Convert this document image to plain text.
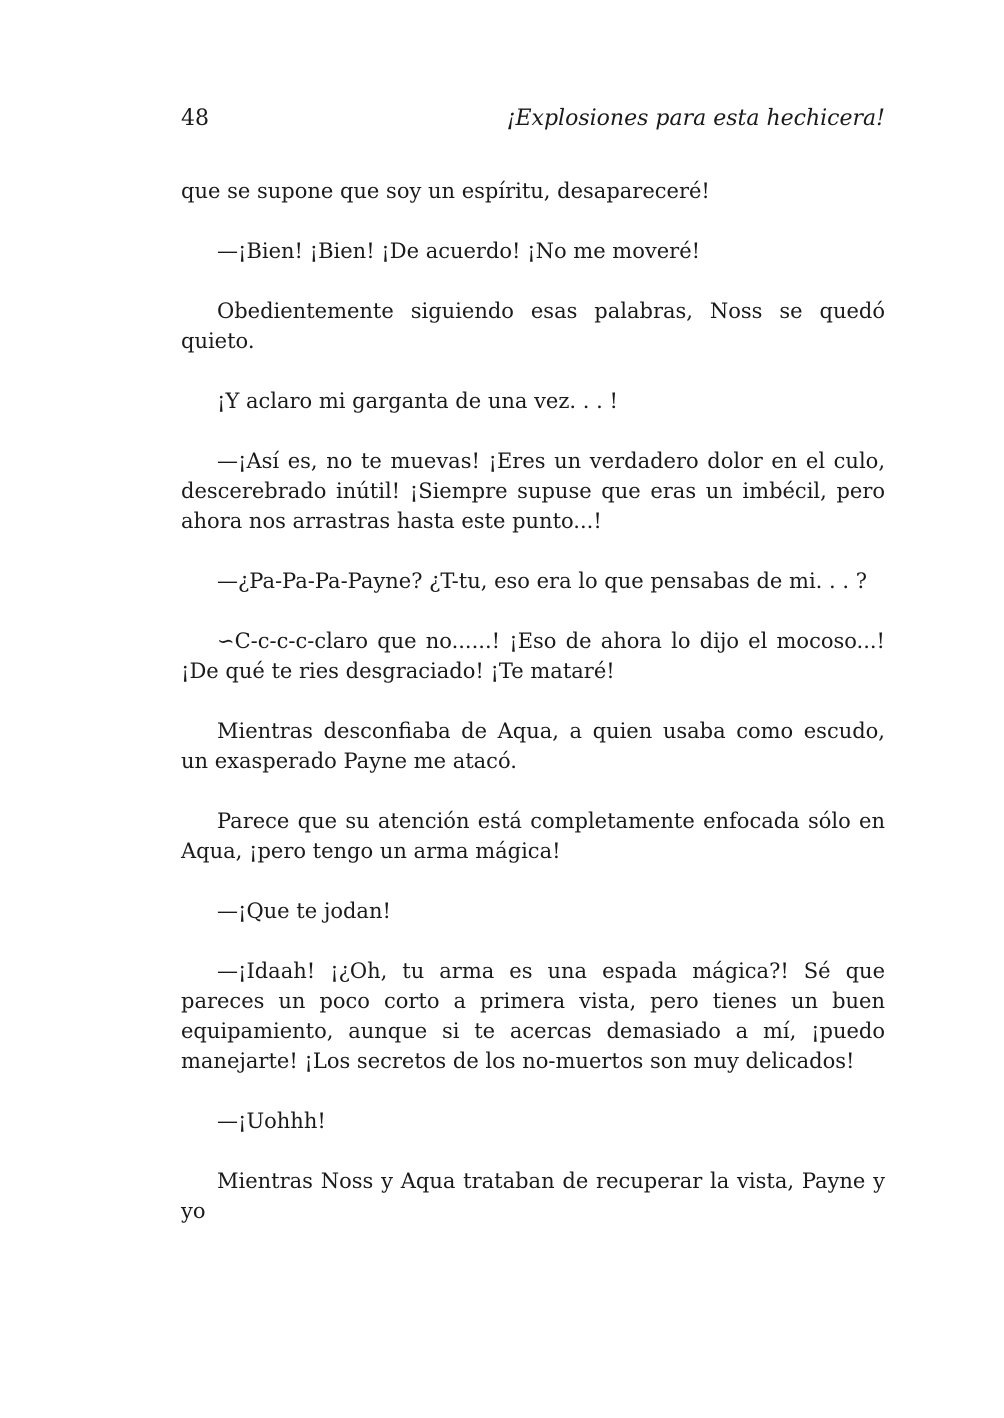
48	¡Explosiones para esta hechicera!

que se supone que soy un espíritu, desapareceré!

—¡Bien! ¡Bien! ¡De acuerdo! ¡No me moveré!

Obedientemente siguiendo esas palabras, Noss se quedó quieto.

¡Y aclaro mi garganta de una vez. . . !

—¡Así es, no te muevas! ¡Eres un verdadero dolor en el culo, descerebrado inútil! ¡Siempre supuse que eras un imbécil, pero ahora nos arrastras hasta este punto...!

—¿Pa-Pa-Pa-Payne? ¿T-tu, eso era lo que pensabas de mi. . . ?

∽C-c-c-c-claro que no......! ¡Eso de ahora lo dijo el mocoso...! ¡De qué te ries desgraciado! ¡Te mataré!

Mientras desconfiaba de Aqua, a quien usaba como escudo, un exasperado Payne me atacó.

Parece que su atención está completamente enfocada sólo en Aqua, ¡pero tengo un arma mágica!

—¡Que te jodan!

—¡Idaah! ¡¿Oh, tu arma es una espada mágica?! Sé que pareces un poco corto a primera vista, pero tienes un buen equipamiento, aunque si te acercas demasiado a mí, ¡puedo manejarte! ¡Los secretos de los no-muertos son muy delicados!

—¡Uohhh!

Mientras Noss y Aqua trataban de recuperar la vista, Payne y yo
